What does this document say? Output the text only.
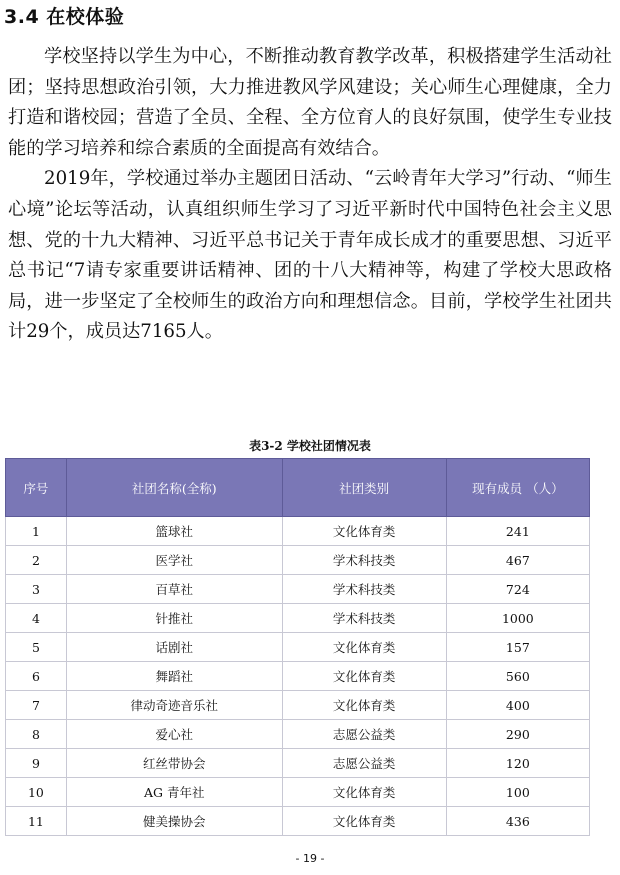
3.4 在校体验

学校坚持以学生为中心，不断推动教育教学改革，积极搭建学生活动社团；坚持思想政治引领，大力推进教风学风建设；关心师生心理健康，全力打造和谐校园；营造了全员、全程、全方位育人的良好氛围，使学生专业技能的学习培养和综合素质的全面提高有效结合。

2019年，学校通过举办主题团日活动、“云岭青年大学习”行动、“师生心境”论坛等活动，认真组织师生学习了习近平新时代中国特色社会主义思想、党的十九大精神、习近平总书记关于青年成长成才的重要思想、习近平总书记“7请专家重要讲话精神、团的十八大精神等，构建了学校大思政格局，进一步坚定了全校师生的政治方向和理想信念。目前，学校学生社团共计29个，成员达7165人。

表3-2 学校社团情况表
序号	社团名称(全称)	社团类别	现有成员 （人）
1	篮球社	文化体育类	241
2	医学社	学术科技类	467
3	百草社	学术科技类	724
4	针推社	学术科技类	1000
5	话剧社	文化体育类	157
6	舞蹈社	文化体育类	560
7	律动奇迹音乐社	文化体育类	400
8	爱心社	志愿公益类	290
9	红丝带协会	志愿公益类	120
10	AG 青年社	文化体育类	100
11	健美操协会	文化体育类	436
- 19 -
